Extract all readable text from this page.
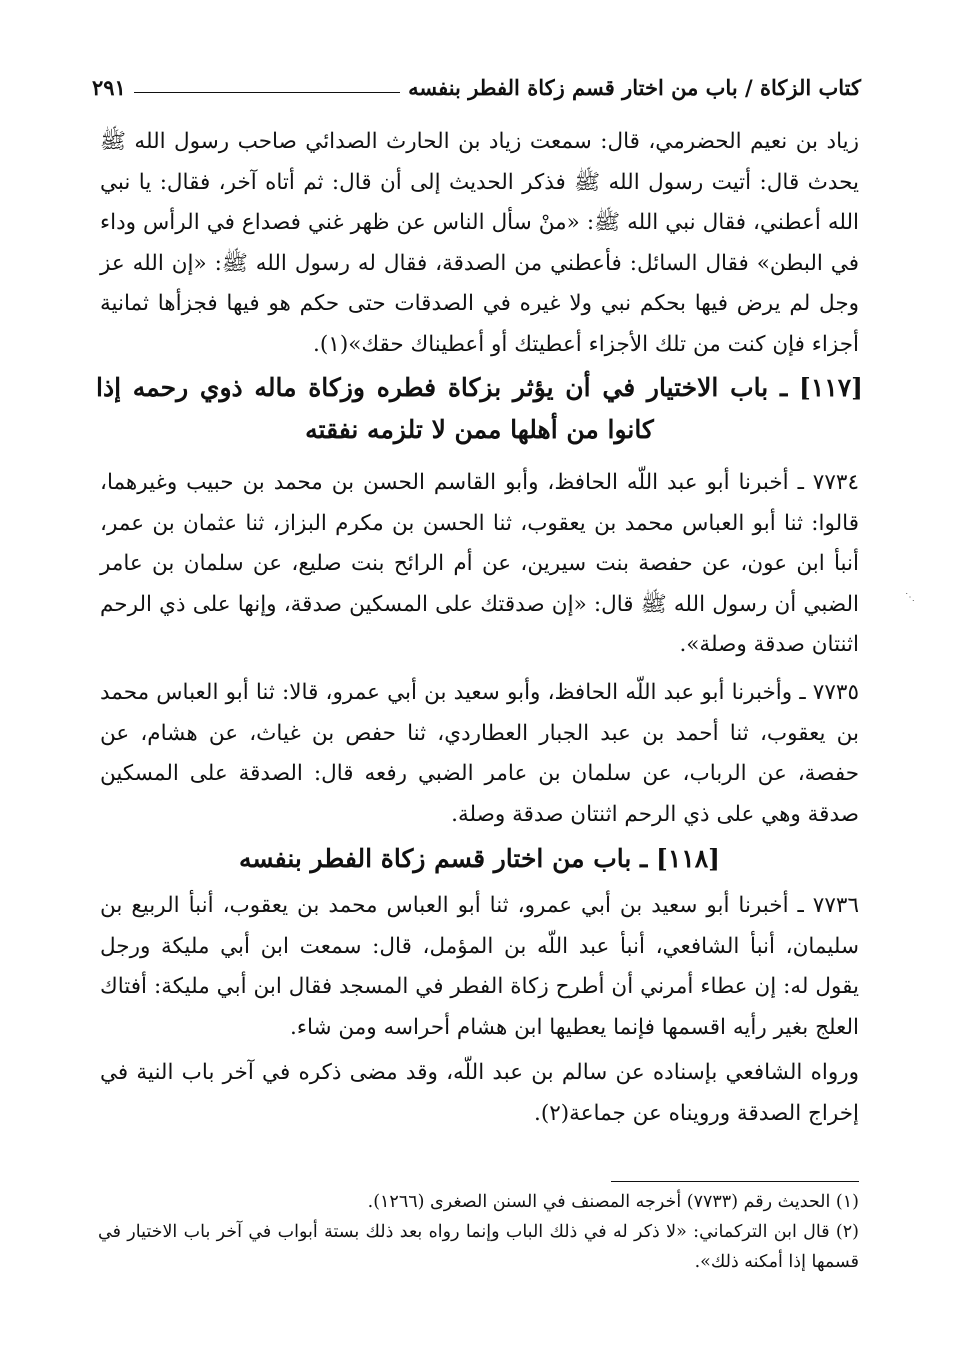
كتاب الزكاة / باب من اختار قسم زكاة الفطر بنفسه
٢٩١

زياد بن نعيم الحضرمي، قال: سمعت زياد بن الحارث الصدائي صاحب رسول الله ﷺ يحدث قال: أتيت رسول الله ﷺ فذكر الحديث إلى أن قال: ثم أتاه آخر، فقال: يا نبي الله أعطني، فقال نبي الله ﷺ: «منْ سأل الناس عن ظهر غني فصداع في الرأس وداء في البطن» فقال السائل: فأعطني من الصدقة، فقال له رسول الله ﷺ: «إن الله عز وجل لم يرض فيها بحكم نبي ولا غيره في الصدقات حتى حكم هو فيها فجزأها ثمانية أجزاء فإن كنت من تلك الأجزاء أعطيتك أو أعطيناك حقك»(١).

[١١٧] ـ باب الاختيار في أن يؤثر بزكاة فطره وزكاة ماله ذوي رحمه إذا كانوا من أهلها ممن لا تلزمه نفقته

٧٧٣٤ ـ أخبرنا أبو عبد اللّه الحافظ، وأبو القاسم الحسن بن محمد بن حبيب وغيرهما، قالوا: ثنا أبو العباس محمد بن يعقوب، ثنا الحسن بن مكرم البزاز، ثنا عثمان بن عمر، أنبأ ابن عون، عن حفصة بنت سيرين، عن أم الرائح بنت صليع، عن سلمان بن عامر الضبي أن رسول الله ﷺ قال: «إن صدقتك على المسكين صدقة، وإنها على ذي الرحم اثنتان صدقة وصلة».

⋰

٧٧٣٥ ـ وأخبرنا أبو عبد اللّه الحافظ، وأبو سعيد بن أبي عمرو، قالا: ثنا أبو العباس محمد بن يعقوب، ثنا أحمد بن عبد الجبار العطاردي، ثنا حفص بن غياث، عن هشام، عن حفصة، عن الرباب، عن سلمان بن عامر الضبي رفعه قال: الصدقة على المسكين صدقة وهي على ذي الرحم اثنتان صدقة وصلة.

[١١٨] ـ باب من اختار قسم زكاة الفطر بنفسه

٧٧٣٦ ـ أخبرنا أبو سعيد بن أبي عمرو، ثنا أبو العباس محمد بن يعقوب، أنبأ الربيع بن سليمان، أنبأ الشافعي، أنبأ عبد اللّه بن المؤمل، قال: سمعت ابن أبي مليكة ورجل يقول له: إن عطاء أمرني أن أطرح زكاة الفطر في المسجد فقال ابن أبي مليكة: أفتاك العلج بغير رأيه اقسمها فإنما يعطيها ابن هشام أحراسه ومن شاء.

ورواه الشافعي بإسناده عن سالم بن عبد اللّه، وقد مضى ذكره في آخر باب النية في إخراج الصدقة ورويناه عن جماعة(٢).

(١) الحديث رقم (٧٧٣٣) أخرجه المصنف في السنن الصغرى (١٢٦٦).

(٢) قال ابن التركماني: «لا ذكر له في ذلك الباب وإنما رواه بعد ذلك بستة أبواب في آخر باب الاختيار في قسمها إذا أمكنه ذلك».
